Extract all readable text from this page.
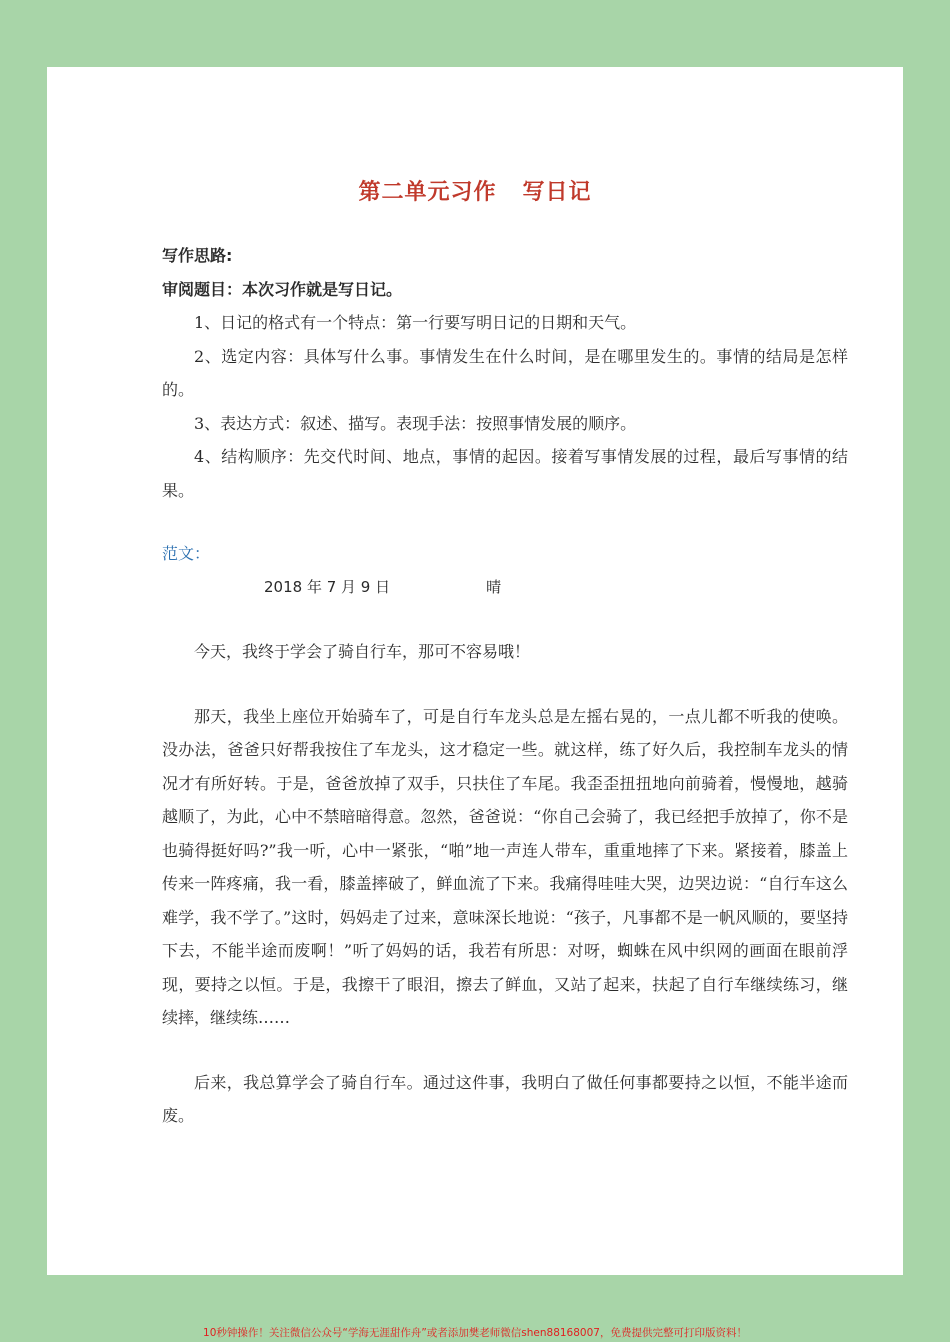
第二单元习作 写日记

写作思路:

审阅题目：本次习作就是写日记。

1、日记的格式有一个特点：第一行要写明日记的日期和天气。

2、选定内容：具体写什么事。事情发生在什么时间，是在哪里发生的。事情的结局是怎样的。

3、表达方式：叙述、描写。表现手法：按照事情发展的顺序。

4、结构顺序：先交代时间、地点，事情的起因。接着写事情发展的过程，最后写事情的结果。

范文：

2018 年 7 月 9 日	晴

今天，我终于学会了骑自行车，那可不容易哦！

那天，我坐上座位开始骑车了，可是自行车龙头总是左摇右晃的，一点儿都不听我的使唤。没办法，爸爸只好帮我按住了车龙头，这才稳定一些。就这样，练了好久后，我控制车龙头的情况才有所好转。于是，爸爸放掉了双手，只扶住了车尾。我歪歪扭扭地向前骑着，慢慢地，越骑越顺了，为此，心中不禁暗暗得意。忽然，爸爸说：“你自己会骑了，我已经把手放掉了，你不是也骑得挺好吗?”我一听，心中一紧张，“啪”地一声连人带车，重重地摔了下来。紧接着，膝盖上传来一阵疼痛，我一看，膝盖摔破了，鲜血流了下来。我痛得哇哇大哭，边哭边说：“自行车这么难学，我不学了。”这时，妈妈走了过来，意味深长地说：“孩子，凡事都不是一帆风顺的，要坚持下去，不能半途而废啊！”听了妈妈的话，我若有所思：对呀，蜘蛛在风中织网的画面在眼前浮现，要持之以恒。于是，我擦干了眼泪，擦去了鲜血，又站了起来，扶起了自行车继续练习，继续摔，继续练……

后来，我总算学会了骑自行车。通过这件事，我明白了做任何事都要持之以恒，不能半途而废。

10秒钟操作！关注微信公众号“学海无涯甜作舟”或者添加樊老师微信shen88168007，免费提供完整可打印版资料！
